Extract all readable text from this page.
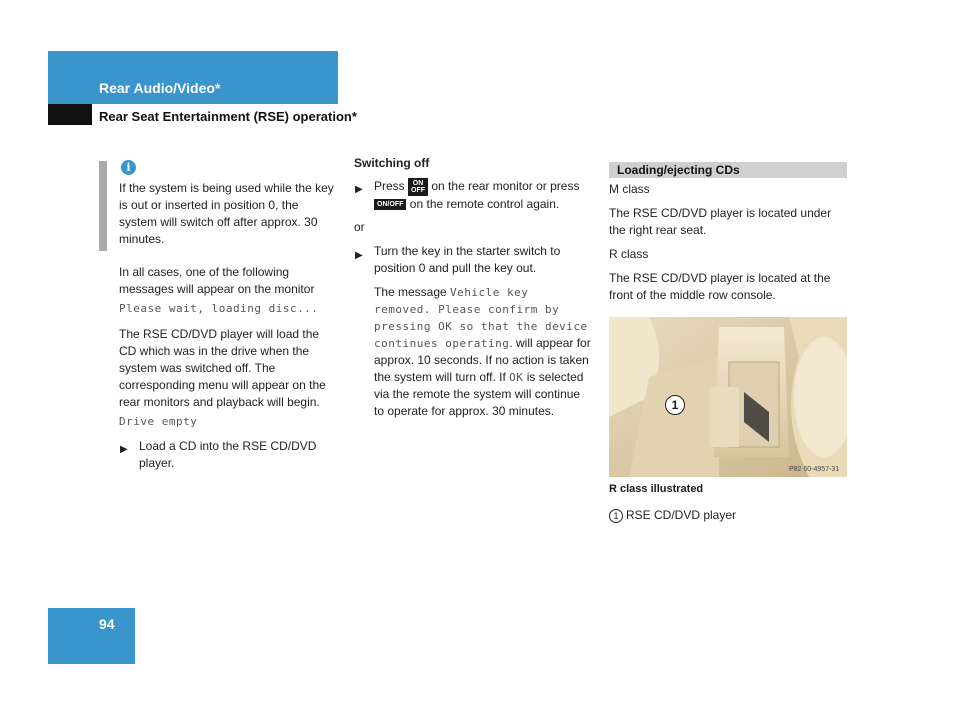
Rear Audio/Video*
Rear Seat Entertainment (RSE) operation*
i
If the system is being used while the key is out or inserted in position 0, the system will switch off after approx. 30 minutes.
In all cases, one of the following messages will appear on the monitor
Please wait, loading disc...
The RSE CD/DVD player will load the CD which was in the drive when the system was switched off. The corresponding menu will appear on the rear monitors and playback will begin.
Drive empty
▶ Load a CD into the RSE CD/DVD player.
Switching off
▶ Press ON
OFF on the rear monitor or press ON/OFF on the remote control again.
or
▶ Turn the key in the starter switch to position 0 and pull the key out.
The message Vehicle key removed. Please confirm by pressing OK so that the device continues operating. will appear for approx. 10 seconds. If no action is taken the system will turn off. If OK is selected via the remote the system will continue to operate for approx. 30 minutes.
Loading/ejecting CDs
M class
The RSE CD/DVD player is located under the right rear seat.
R class
The RSE CD/DVD player is located at the front of the middle row console.
1
P82 60-4957-31
R class illustrated
1 RSE CD/DVD player
94
